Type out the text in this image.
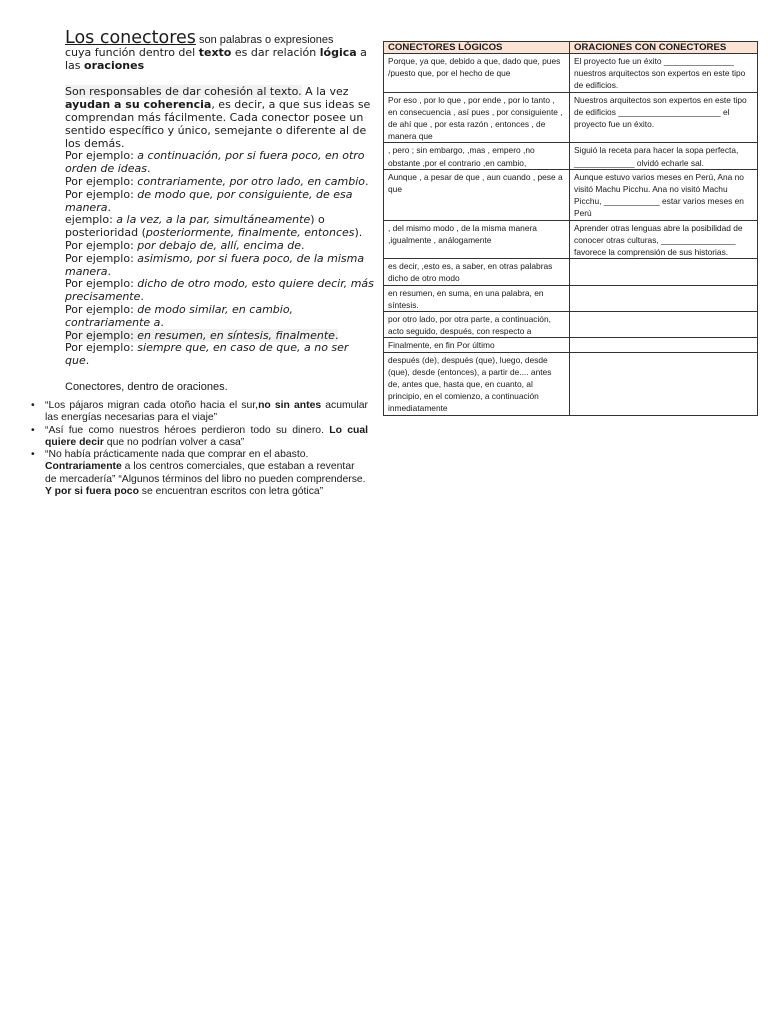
Los conectores son palabras o expresiones
cuya función dentro del texto es dar relación lógica a
las oraciones

Son responsables de dar cohesión al texto. A la vez ayudan a su coherencia, es decir, a que sus ideas se comprendan más fácilmente. Cada conector posee un sentido específico y único, semejante o diferente al de los demás.

Por ejemplo: a continuación, por si fuera poco, en otro orden de ideas.

Por ejemplo: contrariamente, por otro lado, en cambio.

Por ejemplo: de modo que, por consiguiente, de esa manera.

ejemplo: a la vez, a la par, simultáneamente) o posterioridad (posteriormente, finalmente, entonces).

Por ejemplo: por debajo de, allí, encima de.

Por ejemplo: asimismo, por si fuera poco, de la misma manera.

Por ejemplo: dicho de otro modo, esto quiere decir, más precisamente.

Por ejemplo: de modo similar, en cambio, contrariamente a.

Por ejemplo: en resumen, en síntesis, finalmente.

Por ejemplo: siempre que, en caso de que, a no ser que.

Conectores, dentro de oraciones.

• “Los pájaros migran cada otoño hacia el sur,no sin antes acumular las energías necesarias para el viaje”
• “Así fue como nuestros héroes perdieron todo su dinero. Lo cual quiere decir que no podrían volver a casa”
• “No había prácticamente nada que comprar en el abasto. Contrariamente a los centros comerciales, que estaban a reventar de mercadería” “Algunos términos del libro no pueden comprenderse. Y por si fuera poco se encuentran escritos con letra gótica”
CONECTORES LÓGICOS	ORACIONES CON CONECTORES
Porque, ya que, debido a que, dado que, pues /puesto que, por el hecho de que	El proyecto fue un éxito _______________ nuestros arquitectos son expertos en este tipo de edificios.
Por eso , por lo que , por ende , por lo tanto , en consecuencia , así pues , por consiguiente , de ahí que , por esta razón , entonces , de manera que	Nuestros arquitectos son expertos en este tipo de edificios ______________________ el proyecto fue un éxito.
, pero ; sin embargo, ,mas , empero ,no obstante ,por el contrario ,en cambio,	Siguió la receta para hacer la sopa perfecta, _____________ olvidó echarle sal.
Aunque , a pesar de que , aun cuando , pese a que	Aunque estuvo varios meses en Perú, Ana no visitó Machu Picchu. Ana no visitó Machu Picchu, ____________ estar varios meses en Perú
, del mismo modo , de la misma manera ,igualmente , análogamente	Aprender otras lenguas abre la posibilidad de conocer otras culturas, ________________ favorece la comprensión de sus historias.
es decir, ,esto es, a saber, en otras palabras dicho de otro modo	
en resumen, en suma, en una palabra, en síntesis.	
por otro lado, por otra parte, a continuación, acto seguido, después, con respecto a	
Finalmente, en fin Por último	
después (de), después (que), luego, desde (que), desde (entonces), a partir de.... antes de, antes que, hasta que, en cuanto, al principio, en el comienzo, a continuación inmediatamente	
